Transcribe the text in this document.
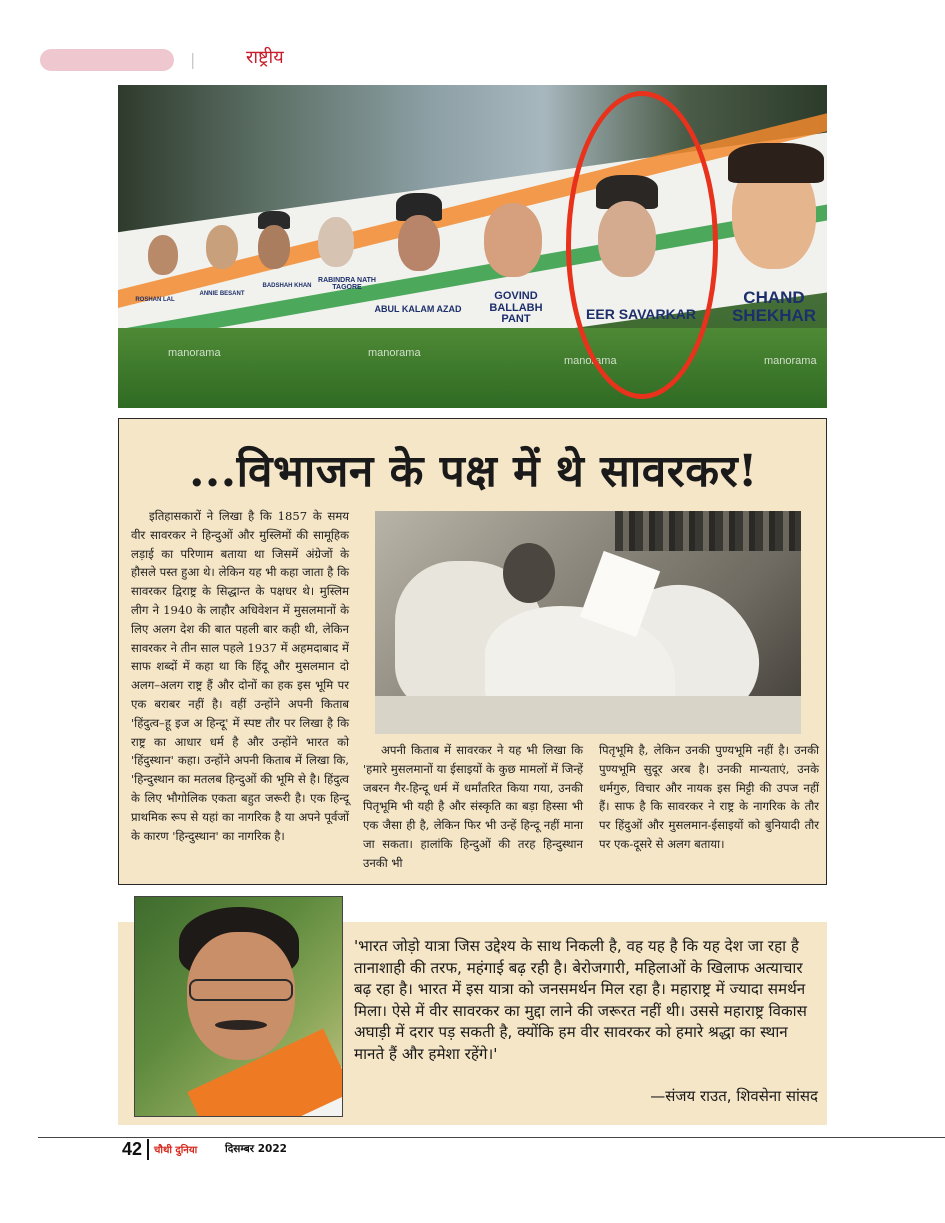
|	राष्ट्रीय
ROSHAN LAL
ANNIE BESANT
BADSHAH KHAN
RABINDRA NATH TAGORE
ABUL KALAM AZAD
GOVIND BALLABH PANT	EER SAVARKAR
CHAND SHEKHAR
manorama	manorama
manorama	manorama
...विभाजन के पक्ष में थे सावरकर!
इतिहासकारों ने लिखा है कि 1857 के समय वीर सावरकर ने हिन्दुओं और मुस्लिमों की सामूहिक लड़ाई का परिणाम बताया था जिसमें अंग्रेजों के हौसले पस्त हुआ थे। लेकिन यह भी कहा जाता है कि सावरकर द्विराष्ट्र के सिद्धान्त के पक्षधर थे। मुस्लिम लीग ने 1940 के लाहौर अधिवेशन में मुसलमानों के लिए अलग देश की बात पहली बार कही थी, लेकिन सावरकर ने तीन साल पहले 1937 में अहमदाबाद में साफ शब्दों में कहा था कि हिंदू और मुसलमान दो अलग–अलग राष्ट्र हैं और दोनों का हक इस भूमि पर एक बराबर नहीं है। वहीं उन्होंने अपनी किताब 'हिंदुत्व–हू इज अ हिन्दू' में स्पष्ट तौर पर लिखा है कि राष्ट्र का आधार धर्म है और उन्होंने भारत को 'हिंदुस्थान' कहा। उन्होंने अपनी किताब में लिखा कि, 'हिन्दुस्थान का मतलब हिन्दुओं की भूमि से है। हिंदुत्व के लिए भौगोलिक एकता बहुत जरूरी है। एक हिन्दू प्राथमिक रूप से यहां का नागरिक है या अपने पूर्वजों के कारण 'हिन्दुस्थान' का नागरिक है।
अपनी किताब में सावरकर ने यह भी लिखा कि 'हमारे मुसलमानों या ईसाइयों के कुछ मामलों में जिन्हें जबरन गैर-हिन्दू धर्म में धर्मांतरित किया गया, उनकी पितृभूमि भी यही है और संस्कृति का बड़ा हिस्सा भी एक जैसा ही है, लेकिन फिर भी उन्हें हिन्दू नहीं माना जा सकता। हालांकि हिन्दुओं की तरह हिन्दुस्थान उनकी भी
पितृभूमि है, लेकिन उनकी पुण्यभूमि नहीं है। उनकी पुण्यभूमि सुदूर अरब है। उनकी मान्यताएं, उनके धर्मगुरु, विचार और नायक इस मिट्टी की उपज नहीं हैं। साफ है कि सावरकर ने राष्ट्र के नागरिक के तौर पर हिंदुओं और मुसलमान-ईसाइयों को बुनियादी तौर पर एक-दूसरे से अलग बताया।
'भारत जोड़ो यात्रा जिस उद्देश्य के साथ निकली है, वह यह है कि यह देश जा रहा है तानाशाही की तरफ, महंगाई बढ़ रही है। बेरोजगारी, महिलाओं के खिलाफ अत्याचार बढ़ रहा है। भारत में इस यात्रा को जनसमर्थन मिल रहा है। महाराष्ट्र में ज्यादा समर्थन मिला। ऐसे में वीर सावरकर का मुद्दा लाने की जरूरत नहीं थी। उससे महाराष्ट्र विकास अघाड़ी में दरार पड़ सकती है, क्योंकि हम वीर सावरकर को हमारे श्रद्धा का स्थान मानते हैं और हमेशा रहेंगे।'
—संजय राउत, शिवसेना सांसद
42 चौथी दुनिया	दिसम्बर 2022
